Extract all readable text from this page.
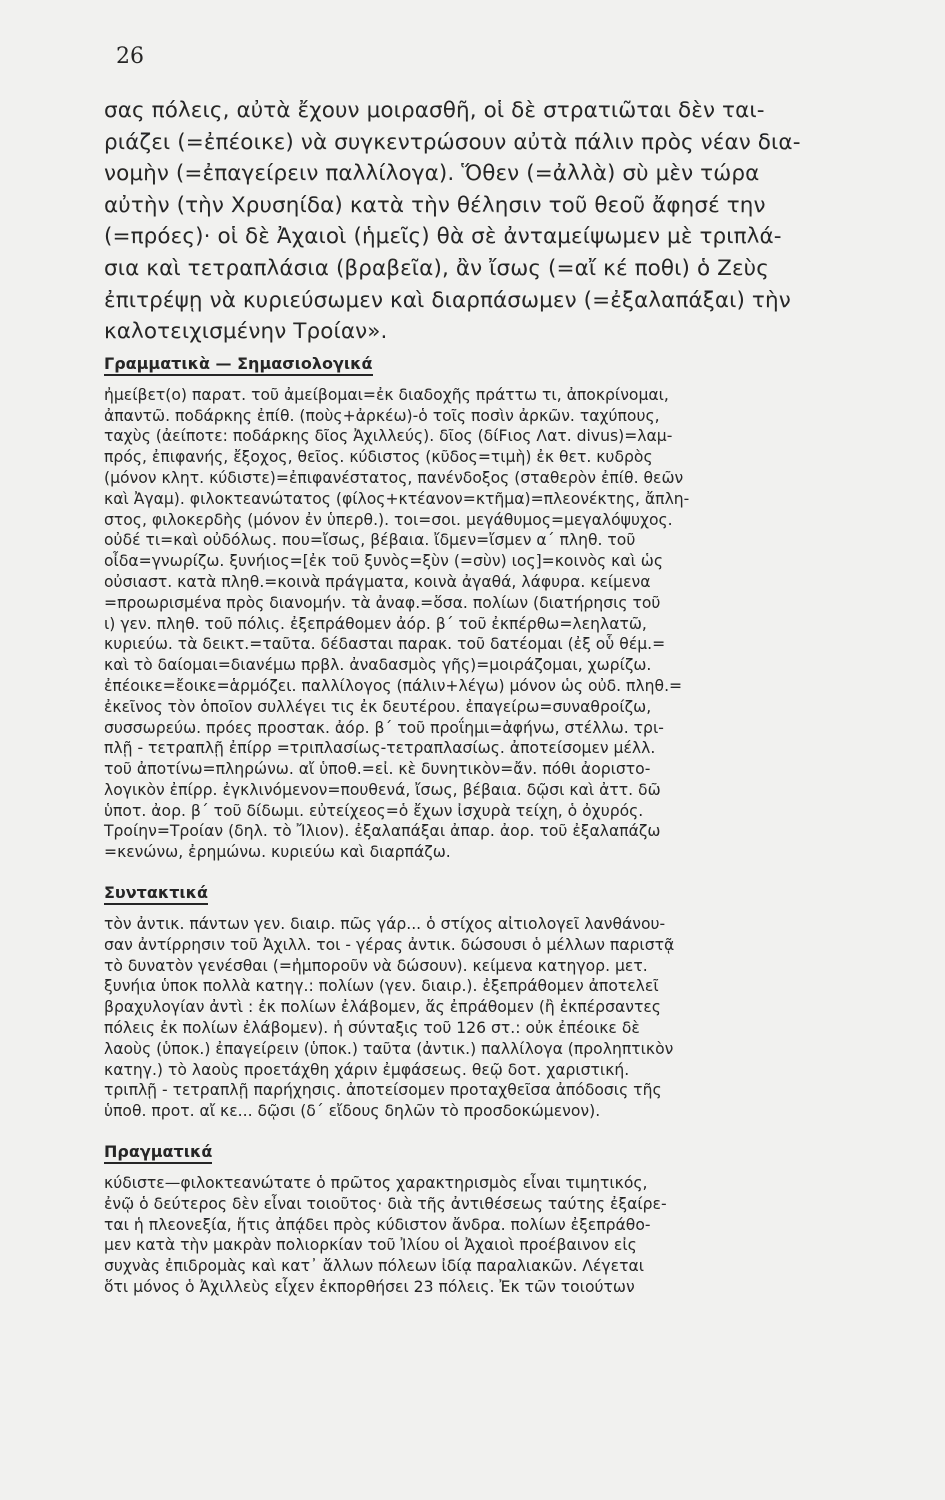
26
σας πόλεις, αὐτὰ ἔχουν μοιρασθῆ, οἱ δὲ στρατιῶται δὲν ται-
ριάζει (=ἐπέοικε) νὰ συγκεντρώσουν αὐτὰ πάλιν πρὸς νέαν δια-
νομὴν (=ἐπαγείρειν παλλίλογα). Ὅθεν (=ἀλλὰ) σὺ μὲν τώρα
αὐτὴν (τὴν Χρυσηίδα) κατὰ τὴν θέλησιν τοῦ θεοῦ ἄφησέ την
(=πρόες)· οἱ δὲ Ἀχαιοὶ (ἡμεῖς) θὰ σὲ ἀνταμείψωμεν μὲ τριπλά-
σια καὶ τετραπλάσια (βραβεῖα), ἂν ἴσως (=αἴ κέ ποθι) ὁ Ζεὺς
ἐπιτρέψῃ νὰ κυριεύσωμεν καὶ διαρπάσωμεν (=ἐξαλαπάξαι) τὴν
καλοτειχισμένην Τροίαν».
Γραμματικὰ — Σημασιολογικά
ἠμείβετ(ο) παρατ. τοῦ ἀμείβομαι=ἐκ διαδοχῆς πράττω τι, ἀποκρίνομαι,
ἀπαντῶ. ποδάρκης ἐπίθ. (ποὺς+ἀρκέω)-ὁ τοῖς ποσὶν ἀρκῶν. ταχύπους,
ταχὺς (ἀείποτε: ποδάρκης δῖος Ἀχιλλεύς). δῖος (δίϜιος Λατ. divus)=λαμ-
πρός, ἐπιφανής, ἔξοχος, θεῖος. κύδιστος (κῦδος=τιμὴ) ἐκ θετ. κυδρὸς
(μόνον κλητ. κύδιστε)=ἐπιφανέστατος, πανένδοξος (σταθερὸν ἐπίθ. θεῶν
καὶ Ἀγαμ). φιλοκτεανώτατος (φίλος+κτέανον=κτῆμα)=πλεονέκτης, ἄπλη-
στος, φιλοκερδὴς (μόνον ἐν ὑπερθ.). τοι=σοι. μεγάθυμος=μεγαλόψυχος.
οὐδέ τι=καὶ οὐδόλως. που=ἴσως, βέβαια. ἴδμεν=ἴσμεν α΄ πληθ. τοῦ
οἶδα=γνωρίζω. ξυνήιος=[ἐκ τοῦ ξυνὸς=ξὺν (=σὺν) ιος]=κοινὸς καὶ ὡς
οὐσιαστ. κατὰ πληθ.=κοινὰ πράγματα, κοινὰ ἀγαθά, λάφυρα. κείμενα
=προωρισμένα πρὸς διανομήν. τὰ ἀναφ.=ὅσα. πολίων (διατήρησις τοῦ
ι) γεν. πληθ. τοῦ πόλις. ἐξεπράθομεν ἀόρ. β΄ τοῦ ἐκπέρθω=λεηλατῶ,
κυριεύω. τὰ δεικτ.=ταῦτα. δέδασται παρακ. τοῦ δατέομαι (ἐξ οὗ θέμ.=
καὶ τὸ δαίομαι=διανέμω πρβλ. ἀναδασμὸς γῆς)=μοιράζομαι, χωρίζω.
ἐπέοικε=ἔοικε=ἁρμόζει. παλλίλογος (πάλιν+λέγω) μόνον ὡς οὐδ. πληθ.=
ἐκεῖνος τὸν ὁποῖον συλλέγει τις ἐκ δευτέρου. ἐπαγείρω=συναθροίζω,
συσσωρεύω. πρόες προστακ. ἀόρ. β΄ τοῦ προΐημι=ἀφήνω, στέλλω. τρι-
πλῇ - τετραπλῇ ἐπίρρ =τριπλασίως-τετραπλασίως. ἀποτείσομεν μέλλ.
τοῦ ἀποτίνω=πληρώνω. αἴ ὑποθ.=εἰ. κὲ δυνητικὸν=ἄν. πόθι ἀοριστο-
λογικὸν ἐπίρρ. ἐγκλινόμενον=πουθενά, ἴσως, βέβαια. δῷσι καὶ ἀττ. δῶ
ὑποτ. ἀορ. β΄ τοῦ δίδωμι. εὐτείχεος=ὁ ἔχων ἰσχυρὰ τείχη, ὁ ὀχυρός.
Τροίην=Τροίαν (δηλ. τὸ Ἴλιον). ἐξαλαπάξαι ἀπαρ. ἀορ. τοῦ ἐξαλαπάζω
=κενώνω, ἐρημώνω. κυριεύω καὶ διαρπάζω.
Συντακτικά
τὸν ἀντικ. πάντων γεν. διαιρ. πῶς γάρ... ὁ στίχος αἰτιολογεῖ λανθάνου-
σαν ἀντίρρησιν τοῦ Ἀχιλλ. τοι - γέρας ἀντικ. δώσουσι ὁ μέλλων παριστᾷ
τὸ δυνατὸν γενέσθαι (=ἠμποροῦν νὰ δώσουν). κείμενα κατηγορ. μετ.
ξυνήια ὑποκ πολλὰ κατηγ.: πολίων (γεν. διαιρ.). ἐξεπράθομεν ἀποτελεῖ
βραχυλογίαν ἀντὶ : ἐκ πολίων ἐλάβομεν, ἅς ἐπράθομεν (ἢ ἐκπέρσαντες
πόλεις ἐκ πολίων ἐλάβομεν). ἡ σύνταξις τοῦ 126 στ.: οὐκ ἐπέοικε δὲ
λαοὺς (ὑποκ.) ἐπαγείρειν (ὑποκ.) ταῦτα (ἀντικ.) παλλίλογα (προληπτικὸν
κατηγ.) τὸ λαοὺς προετάχθη χάριν ἐμφάσεως. θεῷ δοτ. χαριστική.
τριπλῇ - τετραπλῇ παρήχησις. ἀποτείσομεν προταχθεῖσα ἀπόδοσις τῆς
ὑποθ. προτ. αἴ κε... δῷσι (δ΄ εἴδους δηλῶν τὸ προσδοκώμενον).
Πραγματικά
κύδιστε—φιλοκτεανώτατε ὁ πρῶτος χαρακτηρισμὸς εἶναι τιμητικός,
ἐνῷ ὁ δεύτερος δὲν εἶναι τοιοῦτος· διὰ τῆς ἀντιθέσεως ταύτης ἐξαίρε-
ται ἡ πλεονεξία, ἥτις ἀπᾴδει πρὸς κύδιστον ἄνδρα. πολίων ἐξεπράθο-
μεν κατὰ τὴν μακρὰν πολιορκίαν τοῦ Ἰλίου οἱ Ἀχαιοὶ προέβαινον εἰς
συχνὰς ἐπιδρομὰς καὶ κατ᾽ ἄλλων πόλεων ἰδίᾳ παραλιακῶν. Λέγεται
ὅτι μόνος ὁ Ἀχιλλεὺς εἶχεν ἐκπορθήσει 23 πόλεις. Ἐκ τῶν τοιούτων
